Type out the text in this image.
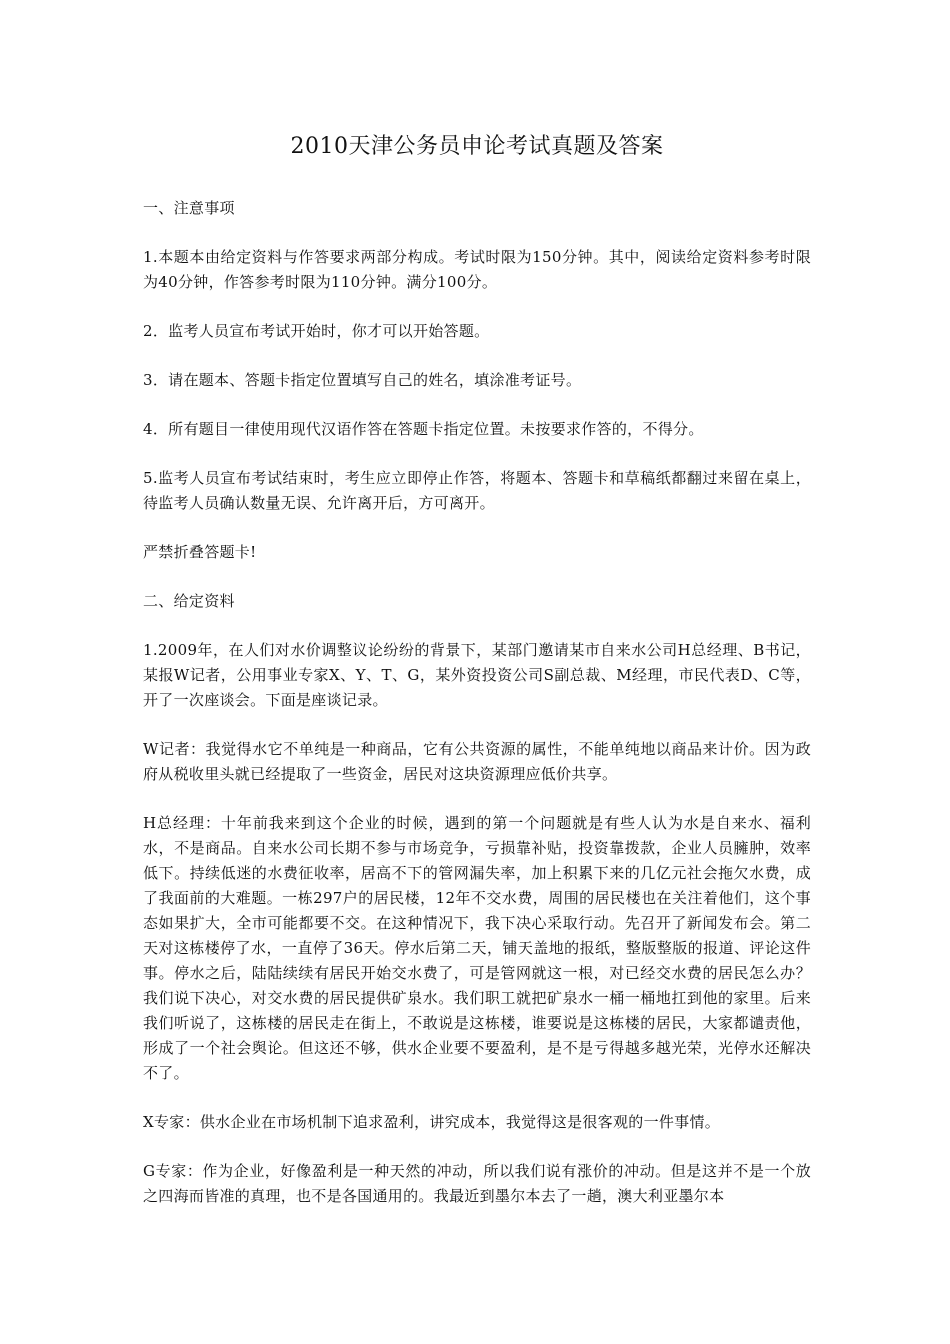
2010天津公务员申论考试真题及答案

一、注意事项

1.本题本由给定资料与作答要求两部分构成。考试时限为150分钟。其中，阅读给定资料参考时限为40分钟，作答参考时限为110分钟。满分100分。

2．监考人员宣布考试开始时，你才可以开始答题。

3．请在题本、答题卡指定位置填写自己的姓名，填涂准考证号。

4．所有题目一律使用现代汉语作答在答题卡指定位置。未按要求作答的，不得分。

5.监考人员宣布考试结束时，考生应立即停止作答，将题本、答题卡和草稿纸都翻过来留在桌上，待监考人员确认数量无误、允许离开后，方可离开。

严禁折叠答题卡!

二、给定资料

1.2009年，在人们对水价调整议论纷纷的背景下，某部门邀请某市自来水公司H总经理、B书记，某报W记者，公用事业专家X、Y、T、G，某外资投资公司S副总裁、M经理，市民代表D、C等，开了一次座谈会。下面是座谈记录。

W记者：我觉得水它不单纯是一种商品，它有公共资源的属性，不能单纯地以商品来计价。因为政府从税收里头就已经提取了一些资金，居民对这块资源理应低价共享。

H总经理：十年前我来到这个企业的时候，遇到的第一个问题就是有些人认为水是自来水、福利水，不是商品。自来水公司长期不参与市场竞争，亏损靠补贴，投资靠拨款，企业人员臃肿，效率低下。持续低迷的水费征收率，居高不下的管网漏失率，加上积累下来的几亿元社会拖欠水费，成了我面前的大难题。一栋297户的居民楼，12年不交水费，周围的居民楼也在关注着他们，这个事态如果扩大，全市可能都要不交。在这种情况下，我下决心采取行动。先召开了新闻发布会。第二天对这栋楼停了水，一直停了36天。停水后第二天，铺天盖地的报纸，整版整版的报道、评论这件事。停水之后，陆陆续续有居民开始交水费了，可是管网就这一根，对已经交水费的居民怎么办？我们说下决心，对交水费的居民提供矿泉水。我们职工就把矿泉水一桶一桶地扛到他的家里。后来我们听说了，这栋楼的居民走在街上，不敢说是这栋楼，谁要说是这栋楼的居民，大家都谴责他，形成了一个社会舆论。但这还不够，供水企业要不要盈利，是不是亏得越多越光荣，光停水还解决不了。

X专家：供水企业在市场机制下追求盈利，讲究成本，我觉得这是很客观的一件事情。

G专家：作为企业，好像盈利是一种天然的冲动，所以我们说有涨价的冲动。但是这并不是一个放之四海而皆准的真理，也不是各国通用的。我最近到墨尔本去了一趟，澳大利亚墨尔本
